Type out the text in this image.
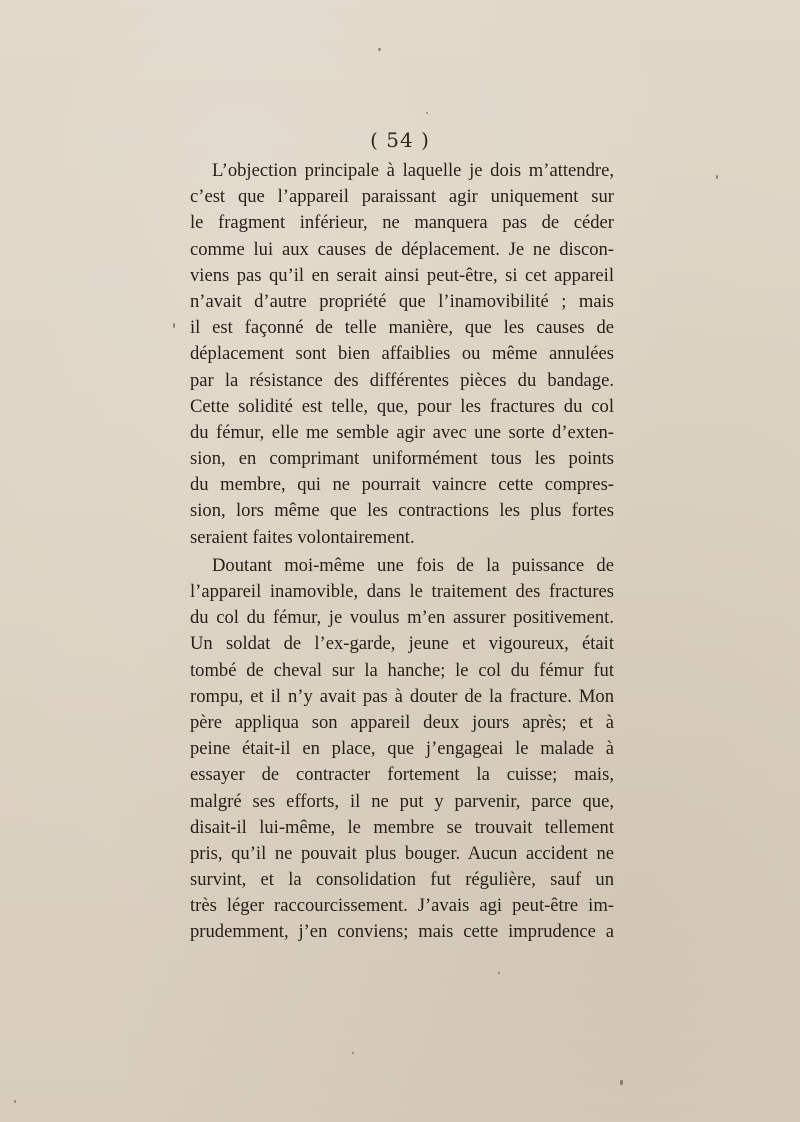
( 54 )
L’objection principale à laquelle je dois m’attendre,
c’est que l’appareil paraissant agir uniquement sur
le fragment inférieur, ne manquera pas de céder
comme lui aux causes de déplacement. Je ne discon-
viens pas qu’il en serait ainsi peut-être, si cet appareil
n’avait d’autre propriété que l’inamovibilité ; mais
il est façonné de telle manière, que les causes de
déplacement sont bien affaiblies ou même annulées
par la résistance des différentes pièces du bandage.
Cette solidité est telle, que, pour les fractures du col
du fémur, elle me semble agir avec une sorte d’exten-
sion, en comprimant uniformément tous les points
du membre, qui ne pourrait vaincre cette compres-
sion, lors même que les contractions les plus fortes
seraient faites volontairement.
Doutant moi-même une fois de la puissance de
l’appareil inamovible, dans le traitement des fractures
du col du fémur, je voulus m’en assurer positivement.
Un soldat de l’ex-garde, jeune et vigoureux, était
tombé de cheval sur la hanche; le col du fémur fut
rompu, et il n’y avait pas à douter de la fracture. Mon
père appliqua son appareil deux jours après; et à
peine était-il en place, que j’engageai le malade à
essayer de contracter fortement la cuisse; mais,
malgré ses efforts, il ne put y parvenir, parce que,
disait-il lui-même, le membre se trouvait tellement
pris, qu’il ne pouvait plus bouger. Aucun accident ne
survint, et la consolidation fut régulière, sauf un
très léger raccourcissement. J’avais agi peut-être im-
prudemment, j’en conviens; mais cette imprudence a
